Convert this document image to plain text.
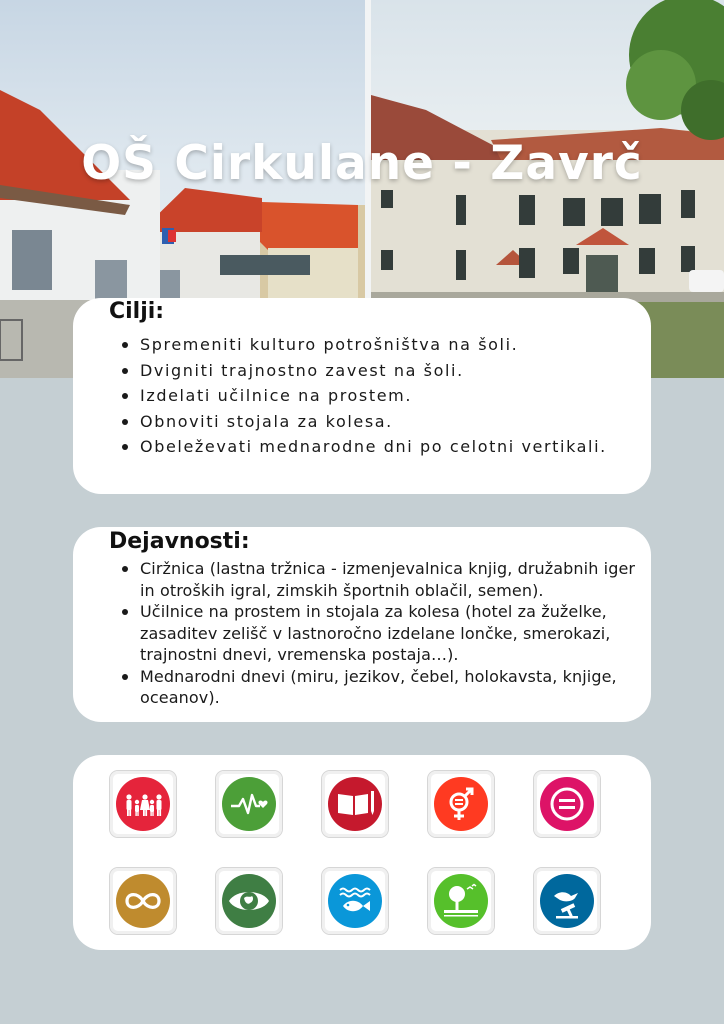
OŠ Cirkulane - Zavrč
Cilji:
Spremeniti kulturo potrošništva na šoli.
Dvigniti trajnostno zavest na šoli.
Izdelati učilnice na prostem.
Obnoviti stojala za kolesa.
Obeleževati mednarodne dni po celotni vertikali.
Dejavnosti:
Ciržnica (lastna tržnica - izmenjevalnica knjig, družabnih iger in otroških igral, zimskih športnih oblačil, semen).
Učilnice na prostem in stojala za kolesa (hotel za žuželke, zasaditev zelišč v lastnoročno izdelane lončke, smerokazi, trajnostni dnevi, vremenska postaja…).
Mednarodni dnevi (miru, jezikov, čebel, holokavsta, knjige, oceanov).
